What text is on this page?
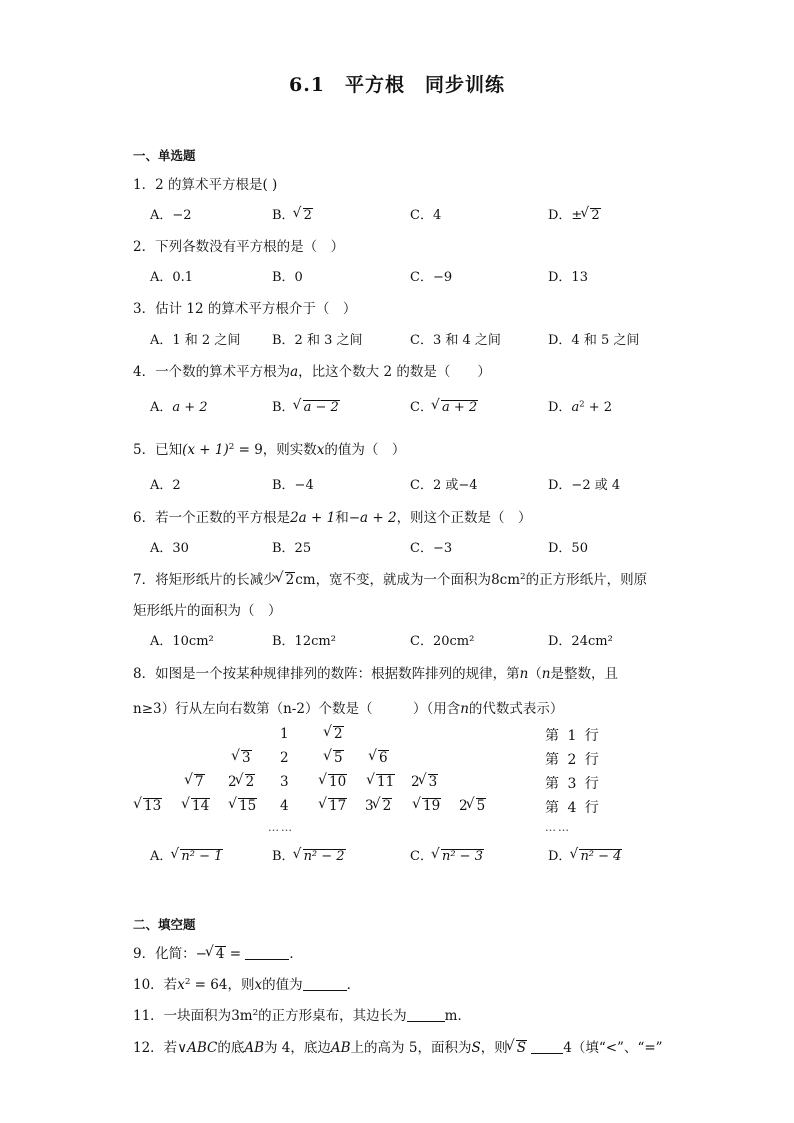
6.1　平方根　同步训练
一、单选题
1．2 的算术平方根是( )
A．−2	B． √ 2	C．4	D．± √ 2
2．下列各数没有平方根的是（　）
A．0.1	B．0	C．−9	D．13
3．估计 12 的算术平方根介于（　）
A．1 和 2 之间 B．2 和 3 之间	C．3 和 4 之间	D．4 和 5 之间
4．一个数的算术平方根为a，比这个数大 2 的数是（　　）
A．a + 2	B． √ a − 2	C． √ a + 2	D．$a^2 + 2$
5．已知$(x + 1)^2 = 9$，则实数x的值为（　）
A．2	B．−4	C．2 或−4	D．−2 或 4
6．若一个正数的平方根是2a + 1和−a + 2，则这个正数是（　）
A．30	B．25	C．−3	D．50
7．将矩形纸片的长减少 √ 2cm，宽不变，就成为一个面积为$8cm^2$的正方形纸片，则原
矩形纸片的面积为（　）
A．10cm²	B．12cm²	C．20cm²	D．24cm²
8．如图是一个按某种规律排列的数阵：根据数阵排列的规律，第n（n是整数，且
n≥3）行从左向右数第（n-2）个数是（　　　）（用含n的代数式表示）
1	√ 2
√ 3 2	√ 5	√ 6
√ 7 2 √ 2 3	√ 10	√ 11 2 √ 3
√ 13	√ 14	√ 15 4	√ 17 3 √ 2	√ 19 2 √ 5
第 1 行
第 2 行
第 3 行
第 4 行
……	……
A． √ n² − 1	B． √ n² − 2	C． √ n² − 3	D． √ n² − 4
二、填空题
9．化简：− √ 4 =	．
10．若$x^2 = 64$，则x的值为	．
11．一块面积为$3m^2$的正方形桌布，其边长为	m．
12．若∨ABC的底AB为 4，底边AB上的高为 5，面积为S，则 √ S	4（填“<”、“=”
